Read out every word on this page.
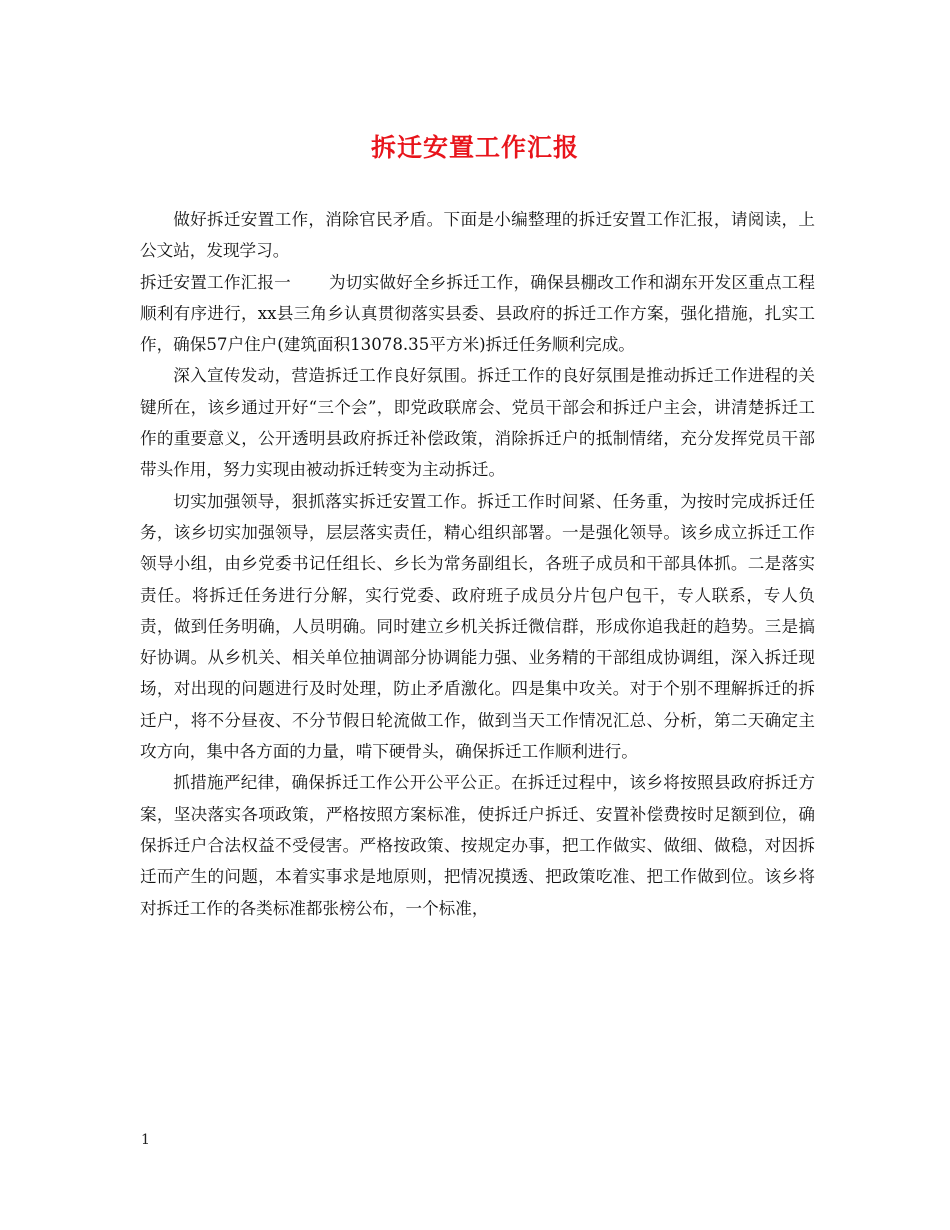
拆迁安置工作汇报

做好拆迁安置工作，消除官民矛盾。下面是小编整理的拆迁安置工作汇报，请阅读，上公文站，发现学习。

拆迁安置工作汇报一 为切实做好全乡拆迁工作，确保县棚改工作和湖东开发区重点工程顺利有序进行，xx县三角乡认真贯彻落实县委、县政府的拆迁工作方案，强化措施，扎实工作，确保57户住户(建筑面积13078.35平方米)拆迁任务顺利完成。

深入宣传发动，营造拆迁工作良好氛围。拆迁工作的良好氛围是推动拆迁工作进程的关键所在，该乡通过开好“三个会”，即党政联席会、党员干部会和拆迁户主会，讲清楚拆迁工作的重要意义，公开透明县政府拆迁补偿政策，消除拆迁户的抵制情绪，充分发挥党员干部带头作用，努力实现由被动拆迁转变为主动拆迁。

切实加强领导，狠抓落实拆迁安置工作。拆迁工作时间紧、任务重，为按时完成拆迁任务，该乡切实加强领导，层层落实责任，精心组织部署。一是强化领导。该乡成立拆迁工作领导小组，由乡党委书记任组长、乡长为常务副组长，各班子成员和干部具体抓。二是落实责任。将拆迁任务进行分解，实行党委、政府班子成员分片包户包干，专人联系，专人负责，做到任务明确，人员明确。同时建立乡机关拆迁微信群，形成你追我赶的趋势。三是搞好协调。从乡机关、相关单位抽调部分协调能力强、业务精的干部组成协调组，深入拆迁现场，对出现的问题进行及时处理，防止矛盾激化。四是集中攻关。对于个别不理解拆迁的拆迁户，将不分昼夜、不分节假日轮流做工作，做到当天工作情况汇总、分析，第二天确定主攻方向，集中各方面的力量，啃下硬骨头，确保拆迁工作顺利进行。

抓措施严纪律，确保拆迁工作公开公平公正。在拆迁过程中，该乡将按照县政府拆迁方案，坚决落实各项政策，严格按照方案标准，使拆迁户拆迁、安置补偿费按时足额到位，确保拆迁户合法权益不受侵害。严格按政策、按规定办事，把工作做实、做细、做稳，对因拆迁而产生的问题，本着实事求是地原则，把情况摸透、把政策吃准、把工作做到位。该乡将对拆迁工作的各类标准都张榜公布，一个标准，

1
